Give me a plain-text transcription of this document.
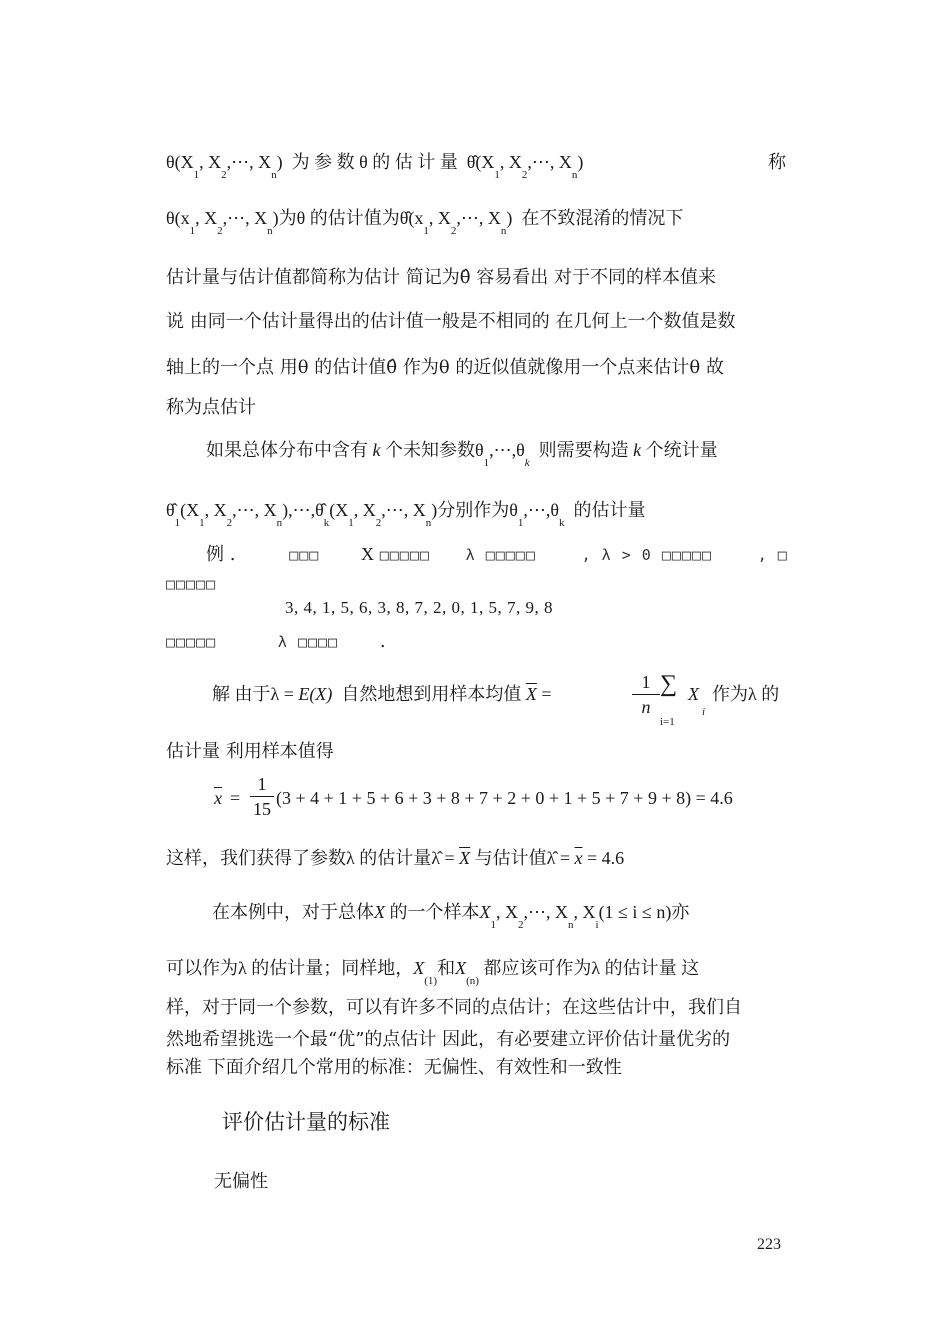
$\theta(X_1$, $X_2,\cdots$, $X_n$) 为 参 数 θ 的 估 计 量 $\thetâ(X_1$, $X_2,\cdots$, $X_n$)	称
$\theta(x_1$, $X_2,\cdots$, $X_n$)为θ 的估计值为$\thetâ(x_1$, $X_2,\cdots$, $X_n$) 在不致混淆的情况下
估计量与估计值都简称为估计 简记为θ̂ 容易看出 对于不同的样本值来
说 由同一个估计量得出的估计值一般是不相同的 在几何上一个数值是数
轴上的一个点 用θ 的估计值θ̂ 作为θ 的近似值就像用一个点来估计θ 故
称为点估计
如果总体分布中含有 k 个未知参数$\theta_1,\cdots,\theta_k$  则需要构造 k 个统计量
$\thetâ_1(X_1$, $X_2,\cdots$, $X_n),\cdots,\thetâ_k(X_1$, $X_2,\cdots$, $X_n$)分别作为$\theta_1,\cdots,\theta_k$  的估计量
例 .	□□□ X □□□□□ λ □□□□□	, λ > 0 □□□□□	, □
□□□□□
3, 4, 1, 5, 6, 3, 8, 7, 2, 0, 1, 5, 7, 9, 8
□□□□□	λ □□□□ .
解 由于λ = E(X) 自然地想到用样本均值 $\overline{X}$ =
1
n
∑
i=1
X
i
作为λ 的
估计量 利用样本值得
$\overline{x}$ =
1
15
(3 + 4 + 1 + 5 + 6 + 3 + 8 + 7 + 2 + 0 + 1 + 5 + 7 + 9 + 8) = 4.6
这样，我们获得了参数λ 的估计量λ̂ = $\overline{X}$ 与估计值λ̂ = $\overline{x} = 4.6$
在本例中，对于总体X 的一个样本$X_1$, $X_2,\cdots$, $X_n$, $X_i(1 \le i \le n)$亦
可以作为λ 的估计量；同样地，$X_{(1)}$和$X_{(n)}$ 都应该可作为λ 的估计量 这
样，对于同一个参数，可以有许多不同的点估计；在这些估计中，我们自
然地希望挑选一个最“优”的点估计 因此，有必要建立评价估计量优劣的
标准 下面介绍几个常用的标准：无偏性、有效性和一致性
评价估计量的标准
无偏性
223
